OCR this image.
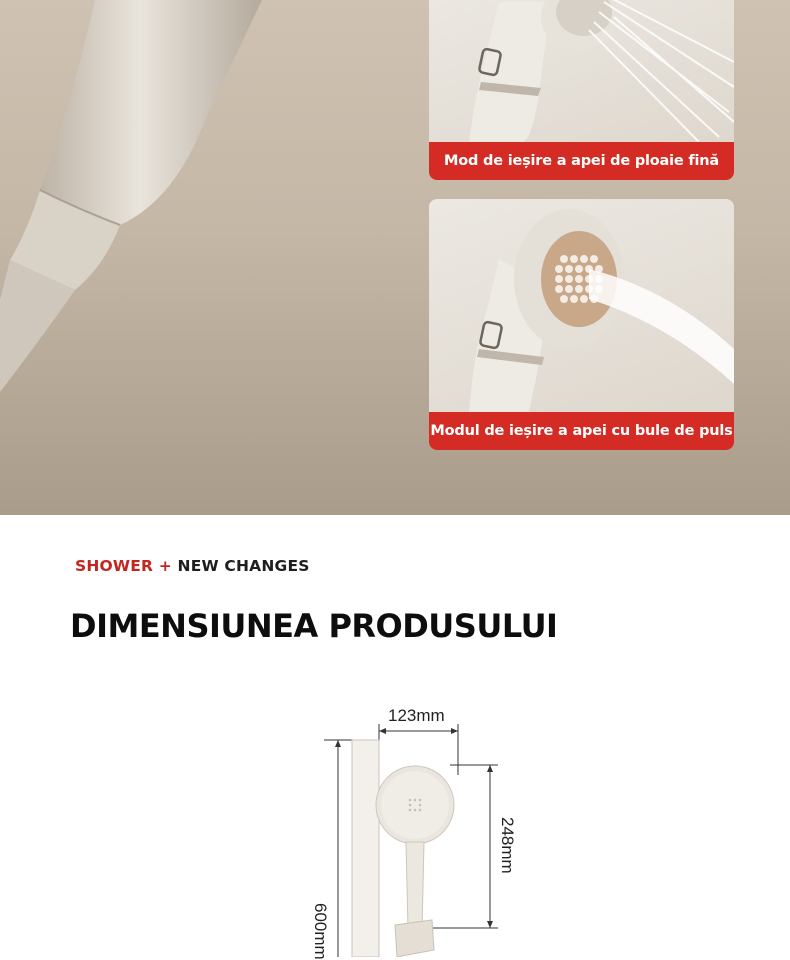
Mod de ieșire a apei de ploaie fină
Modul de ieșire a apei cu bule de puls
SHOWER + NEW CHANGES
DIMENSIUNEA PRODUSULUI
123mm
248mm
600mm
